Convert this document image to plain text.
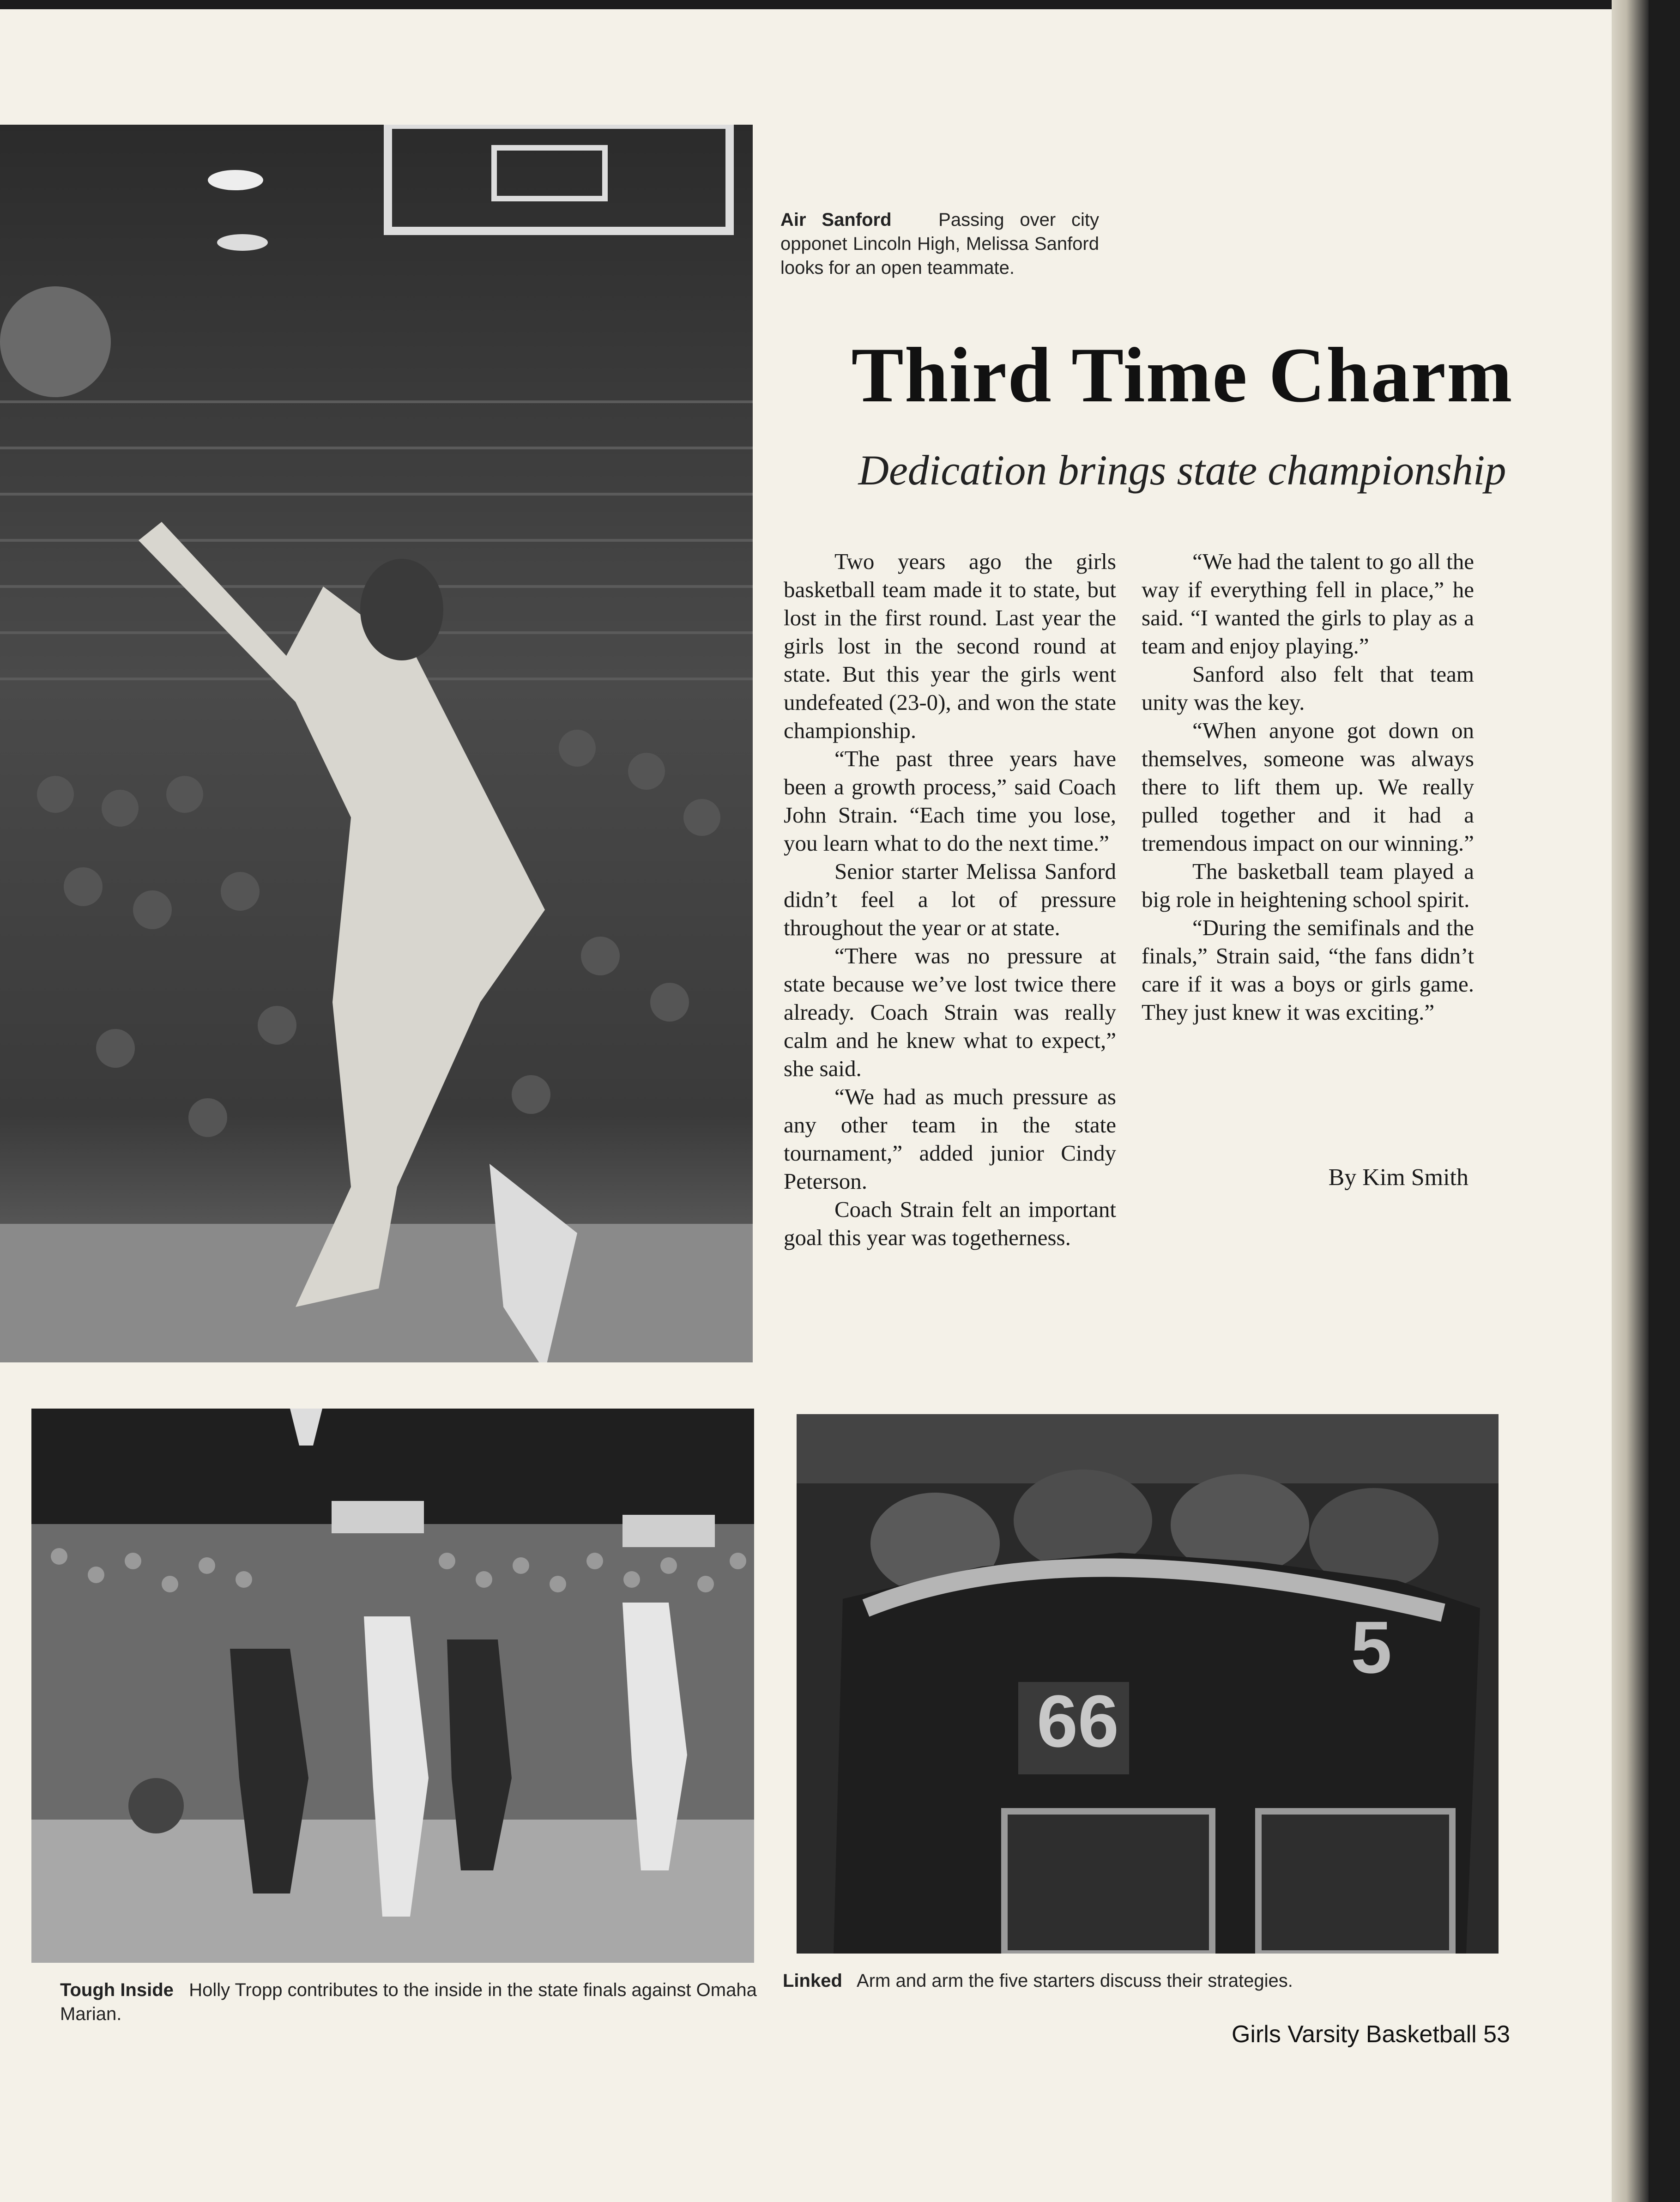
Air Sanford	Passing over city opponet Lincoln High, Melissa Sanford looks for an open teammate.
Third Time Charm
Dedication brings state championship

Two years ago the girls basketball team made it to state, but lost in the first round. Last year the girls lost in the second round at state. But this year the girls went undefeated (23-0), and won the state championship.

“The past three years have been a growth process,” said Coach John Strain. “Each time you lose, you learn what to do the next time.”

Senior starter Melissa Sanford didn’t feel a lot of pressure throughout the year or at state.

“There was no pressure at state because we’ve lost twice there already. Coach Strain was really calm and he knew what to expect,” she said.

“We had as much pressure as any other team in the state tournament,” added junior Cindy Peterson.

Coach Strain felt an important goal this year was togetherness.

“We had the talent to go all the way if everything fell in place,” he said. “I wanted the girls to play as a team and enjoy playing.”

Sanford also felt that team unity was the key.

“When anyone got down on themselves, someone was always there to lift them up. We really pulled together and it had a tremendous impact on our winning.”

The basketball team played a big role in heightening school spirit.

“During the semifinals and the finals,” Strain said, “the fans didn’t care if it was a boys or girls game. They just knew it was exciting.”

By Kim Smith
Tough Inside Holly Tropp contributes to the inside in the state finals against Omaha Marian.
66
5
Linked Arm and arm the five starters discuss their strategies.
Girls Varsity Basketball 53
